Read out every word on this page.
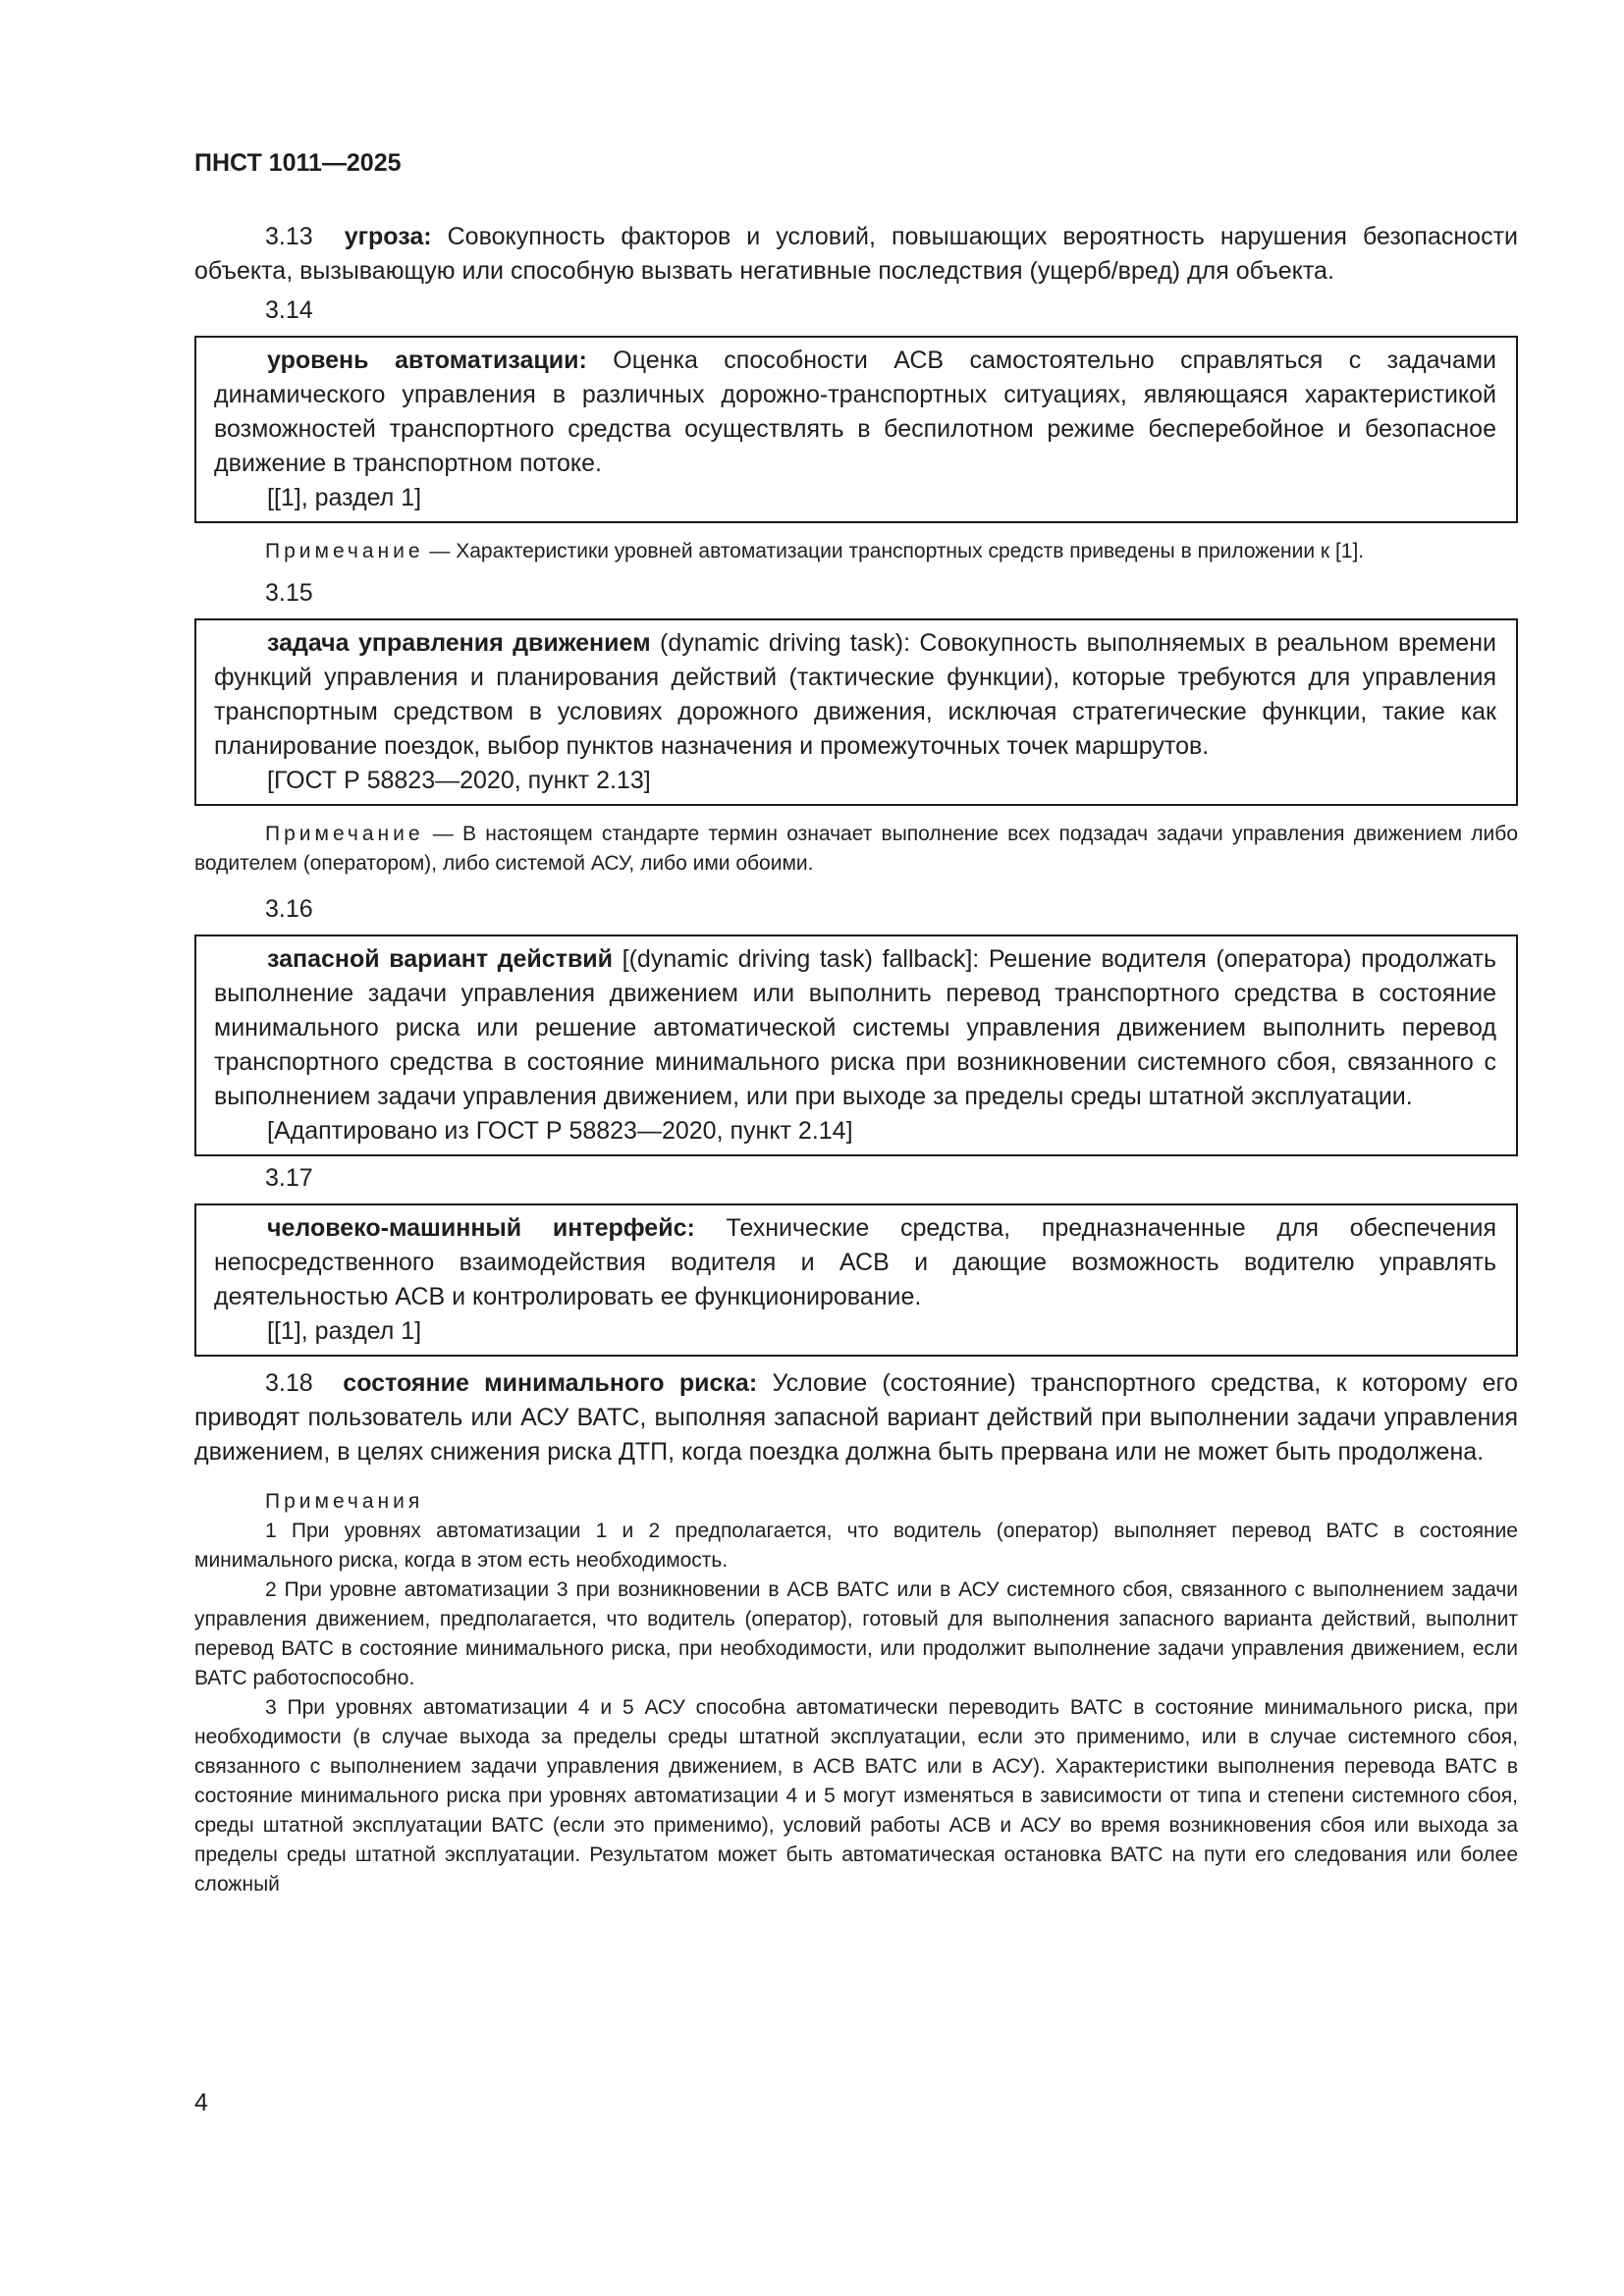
ПНСТ 1011—2025

3.13 угроза: Совокупность факторов и условий, повышающих вероятность нарушения безопасности объекта, вызывающую или способную вызвать негативные последствия (ущерб/вред) для объекта.

3.14

уровень автоматизации: Оценка способности АСВ самостоятельно справляться с задачами динамического управления в различных дорожно-транспортных ситуациях, являющаяся характеристикой возможностей транспортного средства осуществлять в беспилотном режиме бесперебойное и безопасное движение в транспортном потоке.

[[1], раздел 1]

Примечание — Характеристики уровней автоматизации транспортных средств приведены в приложении к [1].

3.15

задача управления движением (dynamic driving task): Совокупность выполняемых в реальном времени функций управления и планирования действий (тактические функции), которые требуются для управления транспортным средством в условиях дорожного движения, исключая стратегические функции, такие как планирование поездок, выбор пунктов назначения и промежуточных точек маршрутов.

[ГОСТ Р 58823—2020, пункт 2.13]

Примечание — В настоящем стандарте термин означает выполнение всех подзадач задачи управления движением либо водителем (оператором), либо системой АСУ, либо ими обоими.

3.16

запасной вариант действий [(dynamic driving task) fallback]: Решение водителя (оператора) продолжать выполнение задачи управления движением или выполнить перевод транспортного средства в состояние минимального риска или решение автоматической системы управления движением выполнить перевод транспортного средства в состояние минимального риска при возникновении системного сбоя, связанного с выполнением задачи управления движением, или при выходе за пределы среды штатной эксплуатации.

[Адаптировано из ГОСТ Р 58823—2020, пункт 2.14]

3.17

человеко-машинный интерфейс: Технические средства, предназначенные для обеспечения непосредственного взаимодействия водителя и АСВ и дающие возможность водителю управлять деятельностью АСВ и контролировать ее функционирование.

[[1], раздел 1]

3.18 состояние минимального риска: Условие (состояние) транспортного средства, к которому его приводят пользователь или АСУ ВАТС, выполняя запасной вариант действий при выполнении задачи управления движением, в целях снижения риска ДТП, когда поездка должна быть прервана или не может быть продолжена.

Примечания

1 При уровнях автоматизации 1 и 2 предполагается, что водитель (оператор) выполняет перевод ВАТС в состояние минимального риска, когда в этом есть необходимость.

2 При уровне автоматизации 3 при возникновении в АСВ ВАТС или в АСУ системного сбоя, связанного с выполнением задачи управления движением, предполагается, что водитель (оператор), готовый для выполнения запасного варианта действий, выполнит перевод ВАТС в состояние минимального риска, при необходимости, или продолжит выполнение задачи управления движением, если ВАТС работоспособно.

3 При уровнях автоматизации 4 и 5 АСУ способна автоматически переводить ВАТС в состояние минимального риска, при необходимости (в случае выхода за пределы среды штатной эксплуатации, если это применимо, или в случае системного сбоя, связанного с выполнением задачи управления движением, в АСВ ВАТС или в АСУ). Характеристики выполнения перевода ВАТС в состояние минимального риска при уровнях автоматизации 4 и 5 могут изменяться в зависимости от типа и степени системного сбоя, среды штатной эксплуатации ВАТС (если это применимо), условий работы АСВ и АСУ во время возникновения сбоя или выхода за пределы среды штатной эксплуатации. Результатом может быть автоматическая остановка ВАТС на пути его следования или более сложный

4
